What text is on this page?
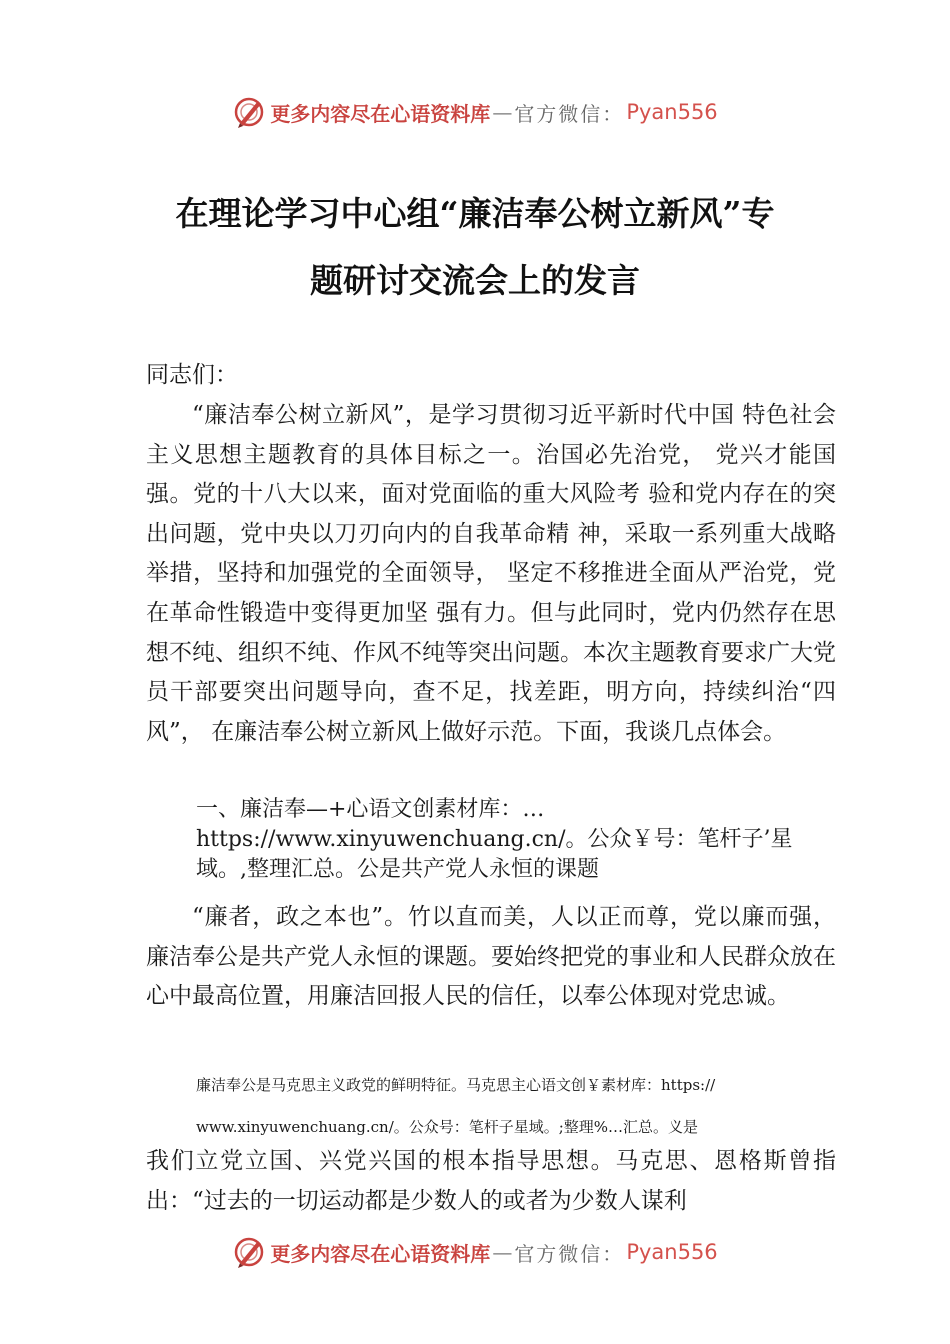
更多内容尽在心语资料库 — 官方微信： Pyan556
在理论学习中心组“廉洁奉公树立新风”专
题研讨交流会上的发言
同志们：
“廉洁奉公树立新风”，是学习贯彻习近平新时代中国 特色社会主义思想主题教育的具体目标之一。治国必先治党， 党兴才能国强。党的十八大以来，面对党面临的重大风险考 验和党内存在的突出问题，党中央以刀刃向内的自我革命精 神，采取一系列重大战略举措，坚持和加强党的全面领导， 坚定不移推进全面从严治党，党在革命性锻造中变得更加坚 强有力。但与此同时，党内仍然存在思想不纯、组织不纯、作风不纯等突出问题。本次主题教育要求广大党员干部要突出问题导向，查不足，找差距，明方向，持续纠治“四风”， 在廉洁奉公树立新风上做好示范。下面，我谈几点体会。
一、廉洁奉—+心语文创素材库：…https://www.xinyuwenchuang.cn/。公众￥号：笔杆子’星域。,整理汇总。公是共产党人永恒的课题
“廉者，政之本也”。竹以直而美，人以正而尊，党以廉而强，廉洁奉公是共产党人永恒的课题。要始终把党的事业和人民群众放在心中最高位置，用廉洁回报人民的信任，以奉公体现对党忠诚。
廉洁奉公是马克思主义政党的鲜明特征。马克思主心语文创￥素材库：https://
www.xinyuwenchuang.cn/。公众号：笔杆子星域。;整理%…汇总。义是
我们立党立国、兴党兴国的根本指导思想。马克思、恩格斯曾指出：“过去的一切运动都是少数人的或者为少数人谋利
更多内容尽在心语资料库 — 官方微信： Pyan556
